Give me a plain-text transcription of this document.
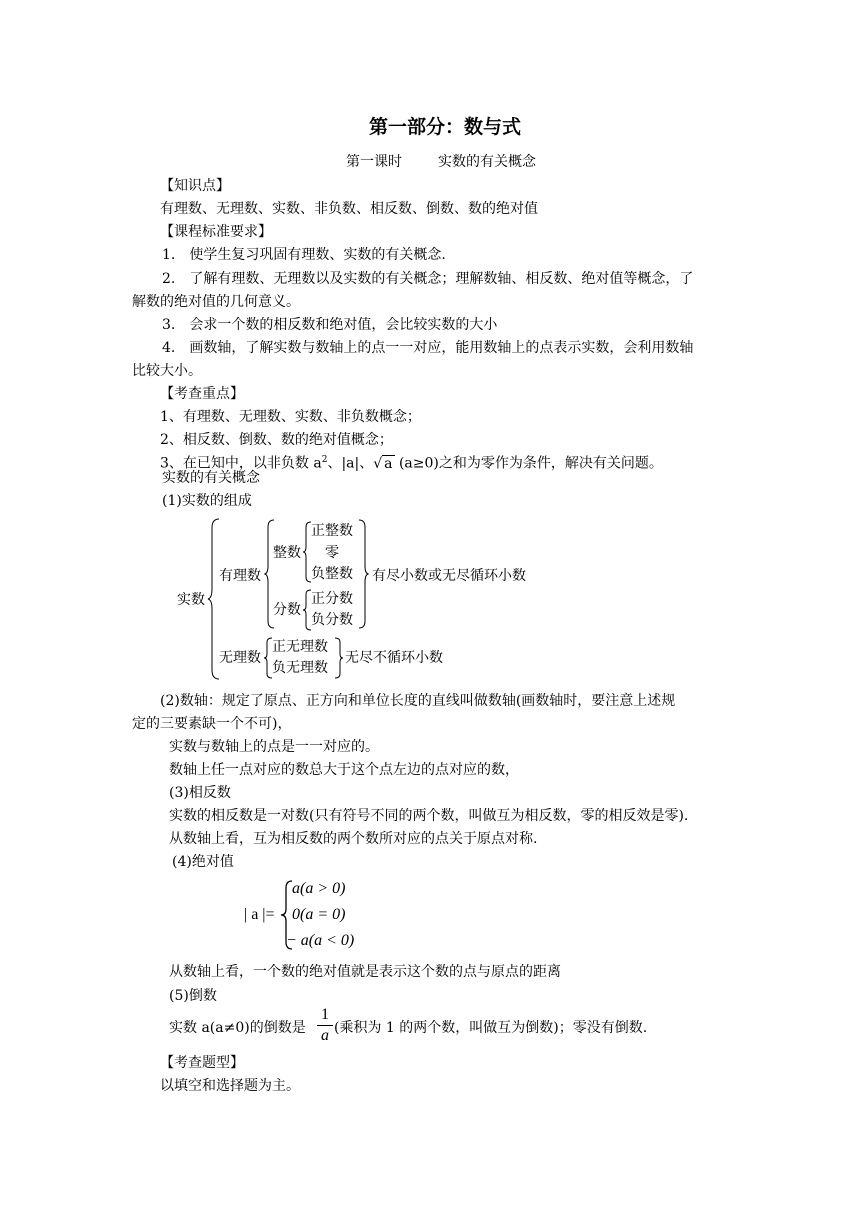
第一部分：数与式
第一课时	实数的有关概念
【知识点】
有理数、无理数、实数、非负数、相反数、倒数、数的绝对值
【课程标准要求】
1.　使学生复习巩固有理数、实数的有关概念.
2.　了解有理数、无理数以及实数的有关概念；理解数轴、相反数、绝对值等概念，了
解数的绝对值的几何意义。
3.　会求一个数的相反数和绝对值，会比较实数的大小
4.　画数轴，了解实数与数轴上的点一一对应，能用数轴上的点表示实数，会利用数轴
比较大小。
【考查重点】
1、有理数、无理数、实数、非负数概念；
2、相反数、倒数、数的绝对值概念；
3、在已知中，以非负数 $a^2$、|a|、√ a (a≥0)之和为零作为条件，解决有关问题。
实数的有关概念
(1)实数的组成
实数
有理数
整数
正整数
零
负整数
分数
正分数
负分数
有尽小数或无尽循环小数
无理数
正无理数
负无理数
无尽不循环小数
(2)数轴：规定了原点、正方向和单位长度的直线叫做数轴(画数轴时，要注意上述规
定的三要素缺一个不可)，
实数与数轴上的点是一一对应的。
数轴上任一点对应的数总大于这个点左边的点对应的数，
(3)相反数
实数的相反数是一对数(只有符号不同的两个数，叫做互为相反数，零的相反效是零).
从数轴上看，互为相反数的两个数所对应的点关于原点对称.
(4)绝对值
| a |=
a(a > 0)
0(a = 0)
− a(a < 0)
从数轴上看，一个数的绝对值就是表示这个数的点与原点的距离
(5)倒数
实数 a(a≠0)的倒数是
1
a (乘积为 1 的两个数，叫做互为倒数)；零没有倒数.
【考查题型】
以填空和选择题为主。
